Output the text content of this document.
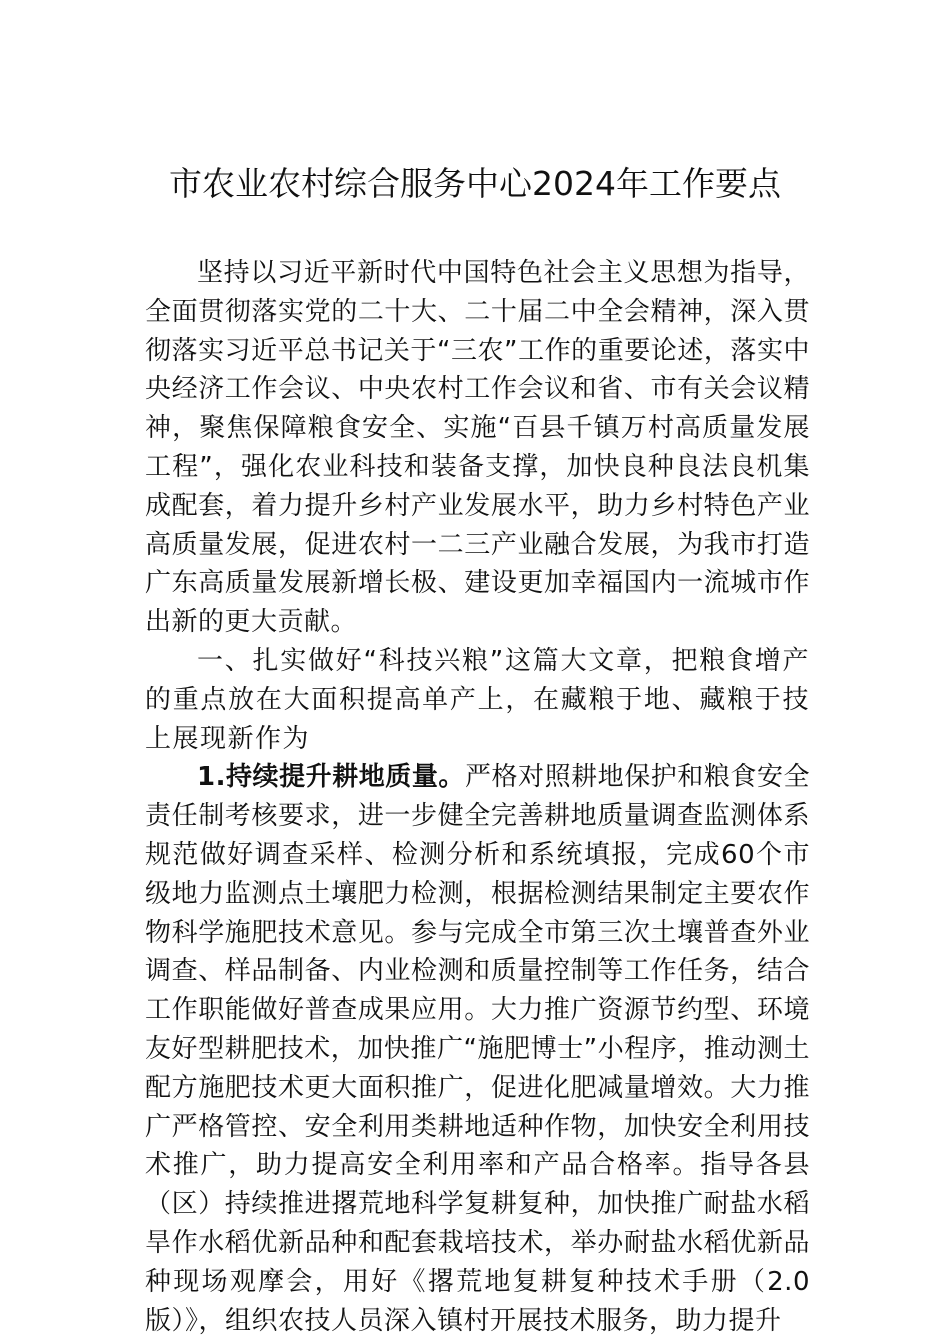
市农业农村综合服务中心2024年工作要点

坚持以习近平新时代中国特色社会主义思想为指导，全面贯彻落实党的二十大、二十届二中全会精神，深入贯彻落实习近平总书记关于“三农”工作的重要论述，落实中央经济工作会议、中央农村工作会议和省、市有关会议精神，聚焦保障粮食安全、实施“百县千镇万村高质量发展工程”，强化农业科技和装备支撑，加快良种良法良机集成配套，着力提升乡村产业发展水平，助力乡村特色产业高质量发展，促进农村一二三产业融合发展，为我市打造广东高质量发展新增长极、建设更加幸福国内一流城市作出新的更大贡献。

一、扎实做好“科技兴粮”这篇大文章，把粮食增产的重点放在大面积提高单产上，在藏粮于地、藏粮于技上展现新作为

1.持续提升耕地质量。严格对照耕地保护和粮食安全责任制考核要求，进一步健全完善耕地质量调查监测体系规范做好调查采样、检测分析和系统填报，完成60个市级地力监测点土壤肥力检测，根据检测结果制定主要农作物科学施肥技术意见。参与完成全市第三次土壤普查外业调查、样品制备、内业检测和质量控制等工作任务，结合工作职能做好普查成果应用。大力推广资源节约型、环境友好型耕肥技术，加快推广“施肥博士”小程序，推动测土配方施肥技术更大面积推广，促进化肥减量增效。大力推广严格管控、安全利用类耕地适种作物，加快安全利用技术推广，助力提高安全利用率和产品合格率。指导各县（区）持续推进撂荒地科学复耕复种，加快推广耐盐水稻旱作水稻优新品种和配套栽培技术，举办耐盐水稻优新品种现场观摩会，用好《撂荒地复耕复种技术手册（2.0版）》，组织农技人员深入镇村开展技术服务，助力提升
